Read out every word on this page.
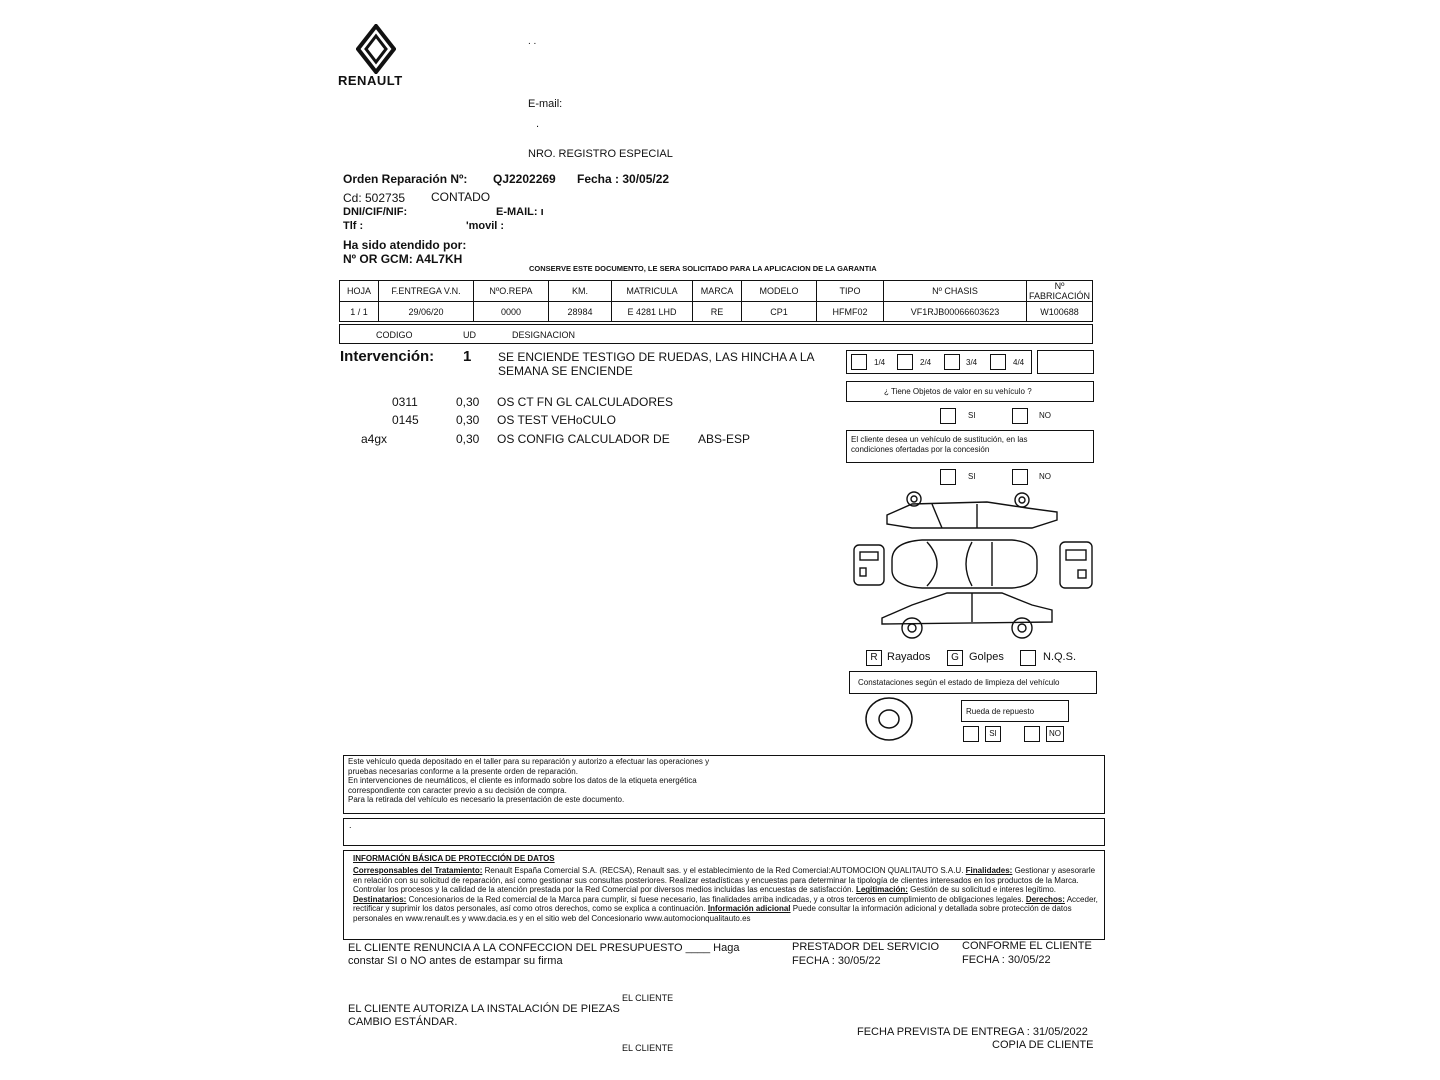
RENAULT
. .
E-mail:
.
NRO. REGISTRO ESPECIAL
Orden Reparación Nº: QJ2202269 Fecha : 30/05/22
Cd: 502735 CONTADO
DNI/CIF/NIF:	E-MAIL: ı
Tlf :	'movil :
Ha sido atendido por:
Nº OR GCM: A4L7KH
CONSERVE ESTE DOCUMENTO, LE SERA SOLICITADO PARA LA APLICACION DE LA GARANTIA
HOJA	F.ENTREGA V.N.	NºO.REPA	KM.	MATRICULA	MARCA	MODELO	TIPO	Nº CHASIS	Nº FABRICACIÓN
1 / 1	29/06/20	0000	28984	E 4281 LHD	RE	CP1	HFMF02	VF1RJB00066603623	W100688
CODIGO	UD	DESIGNACION
Intervención: 1 SE ENCIENDE TESTIGO DE RUEDAS, LAS HINCHA A LA
SEMANA SE ENCIENDE
0311	0,30 OS CT FN GL CALCULADORES
0145	0,30 OS TEST VEHoCULO
a4gx	0,30 OS CONFIG CALCULADOR DE ABS-ESP
1/4	2/4	3/4	4/4
¿ Tiene Objetos de valor en su vehículo ?
SI	NO
El cliente desea un vehículo de sustitución, en las
condiciones ofertadas por la concesión
SI	NO
R Rayados	G Golpes	N.Q.S.
Constataciones según el estado de limpieza del vehículo
Rueda de repuesto
SI	NO
Este vehículo queda depositado en el taller para su reparación y autorizo a efectuar las operaciones y
pruebas necesarias conforme a la presente orden de reparación.
En intervenciones de neumáticos, el cliente es informado sobre los datos de la etiqueta energética
correspondiente con caracter previo a su decisión de compra.
Para la retirada del vehículo es necesario la presentación de este documento.
.
INFORMACIÓN BÁSICA DE PROTECCIÓN DE DATOS
Corresponsables del Tratamiento: Renault España Comercial S.A. (RECSA), Renault sas. y el establecimiento de la Red Comercial:AUTOMOCION QUALITAUTO S.A.U. Finalidades: Gestionar y asesorarle en relación con su solicitud de reparación, así como gestionar sus consultas posteriores. Realizar estadísticas y encuestas para determinar la tipología de clientes interesados en los productos de la Marca. Controlar los procesos y la calidad de la atención prestada por la Red Comercial por diversos medios incluidas las encuestas de satisfacción. Legitimación: Gestión de su solicitud e interes legítimo. Destinatarios: Concesionarios de la Red comercial de la Marca para cumplir, si fuese necesario, las finalidades arriba indicadas, y a otros terceros en cumplimiento de obligaciones legales. Derechos: Acceder, rectificar y suprimir los datos personales, así como otros derechos, como se explica a continuación. Información adicional Puede consultar la información adicional y detallada sobre protección de datos personales en www.renault.es y www.dacia.es y en el sitio web del Concesionario www.automocionqualitauto.es
EL CLIENTE RENUNCIA A LA CONFECCION DEL PRESUPUESTO ____ Haga
constar SI o NO antes de estampar su firma
PRESTADOR DEL SERVICIO
FECHA : 30/05/22
CONFORME EL CLIENTE
FECHA : 30/05/22
EL CLIENTE
EL CLIENTE AUTORIZA LA INSTALACIÓN DE PIEZAS
CAMBIO ESTÁNDAR.
FECHA PREVISTA DE ENTREGA : 31/05/2022
COPIA DE CLIENTE
EL CLIENTE
